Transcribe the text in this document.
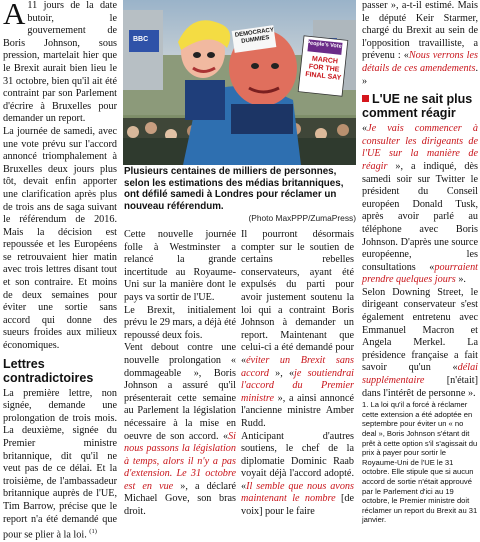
A 11 jours de la date butoir, le gouvernement de Boris Johnson, sous pression, martelait hier que le Brexit aurait bien lieu le 31 octobre, bien qu'il ait été contraint par son Parlement d'écrire à Bruxelles pour demander un report.

La journée de samedi, avec une vote prévu sur l'accord annoncé triomphalement à Bruxelles deux jours plus tôt, devait enfin apporter une clarification après plus de trois ans de saga suivant le référendum de 2016. Mais la décision est repoussée et les Européens se retrouvaient hier matin avec trois lettres disant tout et son contraire. Et moins de deux semaines pour éviter une sortie sans accord qui donne des sueurs froides aux milieux économiques.

Lettres contradictoires

La première lettre, non signée, demande une prolongation de trois mois. La deuxième, signée du Premier ministre britannique, dit qu'il ne veut pas de ce délai. Et la troisième, de l'ambassadeur britannique auprès de l'UE, Tim Barrow, précise que le report n'a été demandé que pour se plier à la loi. $^{(1)}$

DEMOCRACY DUMMIES
People's Vote
MARCH FOR THE FINAL SAY
BBC
Plusieurs centaines de milliers de personnes, selon les estimations des médias britanniques, ont défilé samedi à Londres pour réclamer un nouveau référendum.
(Photo MaxPPP/ZumaPress)

Cette nouvelle journée folle à Westminster a relancé la grande incertitude au Royaume-Uni sur la manière dont le pays va sortir de l'UE.

Le Brexit, initialement prévu le 29 mars, a déjà été repoussé deux fois.

Vent debout contre une nouvelle prolongation « dommageable », Boris Johnson a assuré qu'il présenterait cette semaine au Parlement la législation nécessaire à la mise en oeuvre de son accord. «Si nous passons la législation à temps, alors il n'y a pas d'extension. Le 31 octobre est en vue », a déclaré Michael Gove, son bras droit.

Il pourront désormais compter sur le soutien de certains rebelles conservateurs, ayant été expulsés du parti pour avoir justement soutenu la loi qui a contraint Boris Johnson à demander un report. Maintenant que celui-ci a été demandé pour «éviter un Brexit sans accord », «je soutiendrai l'accord du Premier ministre », a ainsi annoncé l'ancienne ministre Amber Rudd.

Anticipant d'autres soutiens, le chef de la diplomatie Dominic Raab voyait déjà l'accord adopté. «Il semble que nous avons maintenant le nombre [de voix] pour le faire

passer », a-t-il estimé. Mais le député Keir Starmer, chargé du Brexit au sein de l'opposition travailliste, a prévenu : «Nous verrons les détails de ces amendements. »

L'UE ne sait plus comment réagir

«Je vais commencer à consulter les dirigeants de l'UE sur la manière de réagir », a indiqué, dès samedi soir sur Twitter le président du Conseil européen Donald Tusk, après avoir parlé au téléphone avec Boris Johnson. D'après une source européenne, les consultations «pourraient prendre quelques jours ».

Selon Downing Street, le dirigeant conservateur s'est également entretenu avec Emmanuel Macron et Angela Merkel. La présidence française a fait savoir qu'un «délai supplémentaire [n'était] dans l'intérêt de personne ».

1. La loi qu'il a forcé à réclamer cette extension a été adoptée en septembre pour éviter un « no deal », Boris Johnson s'étant dit prêt à cette option s'il s'agissait du prix à payer pour sortir le Royaume-Uni de l'UE le 31 octobre. Elle stipule que si aucun accord de sortie n'était approuvé par le Parlement d'ici au 19 octobre, le Premier ministre doit réclamer un report du Brexit au 31 janvier.
